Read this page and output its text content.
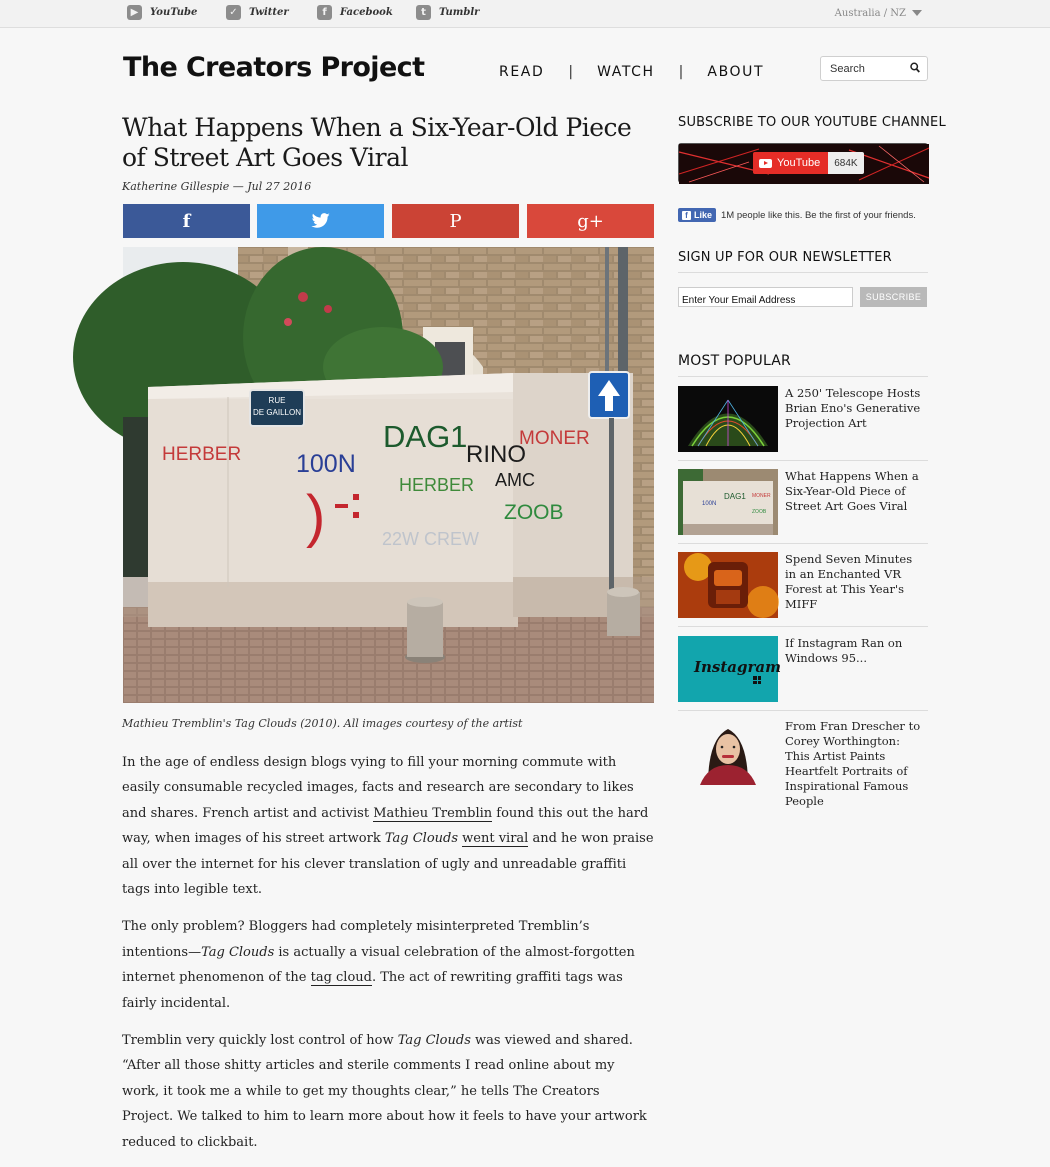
▶	YouTube	✓	Twitter	f	Facebook	t	Tumblr	Australia / NZ
The Creators Project	READ | WATCH | ABOUT
Search
What Happens When a Six-Year-Old Piece of Street Art Goes Viral
Katherine Gillespie — Jul 27 2016
f	P	g+
RUE
DE GAILLON
HERBER 100N
DAG1
RINO
MONER
HERBER AMC
ZOOB
22W CREW
)
Mathieu Tremblin's Tag Clouds (2010). All images courtesy of the artist

In the age of endless design blogs vying to fill your morning commute with easily consumable recycled images, facts and research are secondary to likes and shares. French artist and activist Mathieu Tremblin found this out the hard way, when images of his street artwork Tag Clouds went viral and he won praise all over the internet for his clever translation of ugly and unreadable graffiti tags into legible text.

The only problem? Bloggers had completely misinterpreted Tremblin’s intentions—Tag Clouds is actually a visual celebration of the almost-forgotten internet phenomenon of the tag cloud. The act of rewriting graffiti tags was fairly incidental.

Tremblin very quickly lost control of how Tag Clouds was viewed and shared. “After all those shitty articles and sterile comments I read online about my work, it took me a while to get my thoughts clear,” he tells The Creators Project. We talked to him to learn more about how it feels to have your artwork reduced to clickbait.

SUBSCRIBE TO OUR YOUTUBE CHANNEL
YouTube	684K
f Like 1M people like this. Be the first of your friends.
SIGN UP FOR OUR NEWSLETTER
Enter Your Email Address
SUBSCRIBE
MOST POPULAR
A 250' Telescope Hosts Brian Eno's Generative Projection Art
DAG1 MONER
100N
ZOOB
What Happens When a Six-Year-Old Piece of Street Art Goes Viral
Spend Seven Minutes in an Enchanted VR Forest at This Year's MIFF
Instagram
If Instagram Ran on Windows 95...
From Fran Drescher to Corey Worthington: This Artist Paints Heartfelt Portraits of Inspirational Famous People
